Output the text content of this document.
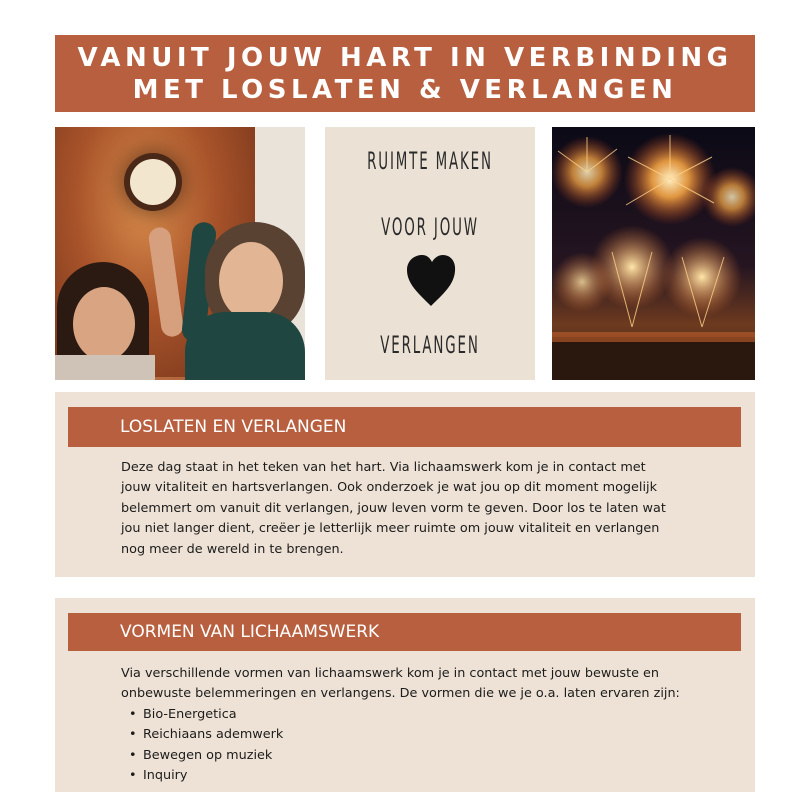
VANUIT JOUW HART IN VERBINDING
MET LOSLATEN & VERLANGEN
RUIMTE MAKEN
VOOR JOUW
VERLANGEN
LOSLATEN EN VERLANGEN
Deze dag staat in het teken van het hart. Via lichaamswerk kom je in contact met
jouw vitaliteit en hartsverlangen. Ook onderzoek je wat jou op dit moment mogelijk
belemmert om vanuit dit verlangen, jouw leven vorm te geven. Door los te laten wat
jou niet langer dient, creëer je letterlijk meer ruimte om jouw vitaliteit en verlangen
nog meer de wereld in te brengen.
VORMEN VAN LICHAAMSWERK
Via verschillende vormen van lichaamswerk kom je in contact met jouw bewuste en
onbewuste belemmeringen en verlangens. De vormen die we je o.a. laten ervaren zijn:
• Bio-Energetica
• Reichiaans ademwerk
• Bewegen op muziek
• Inquiry
